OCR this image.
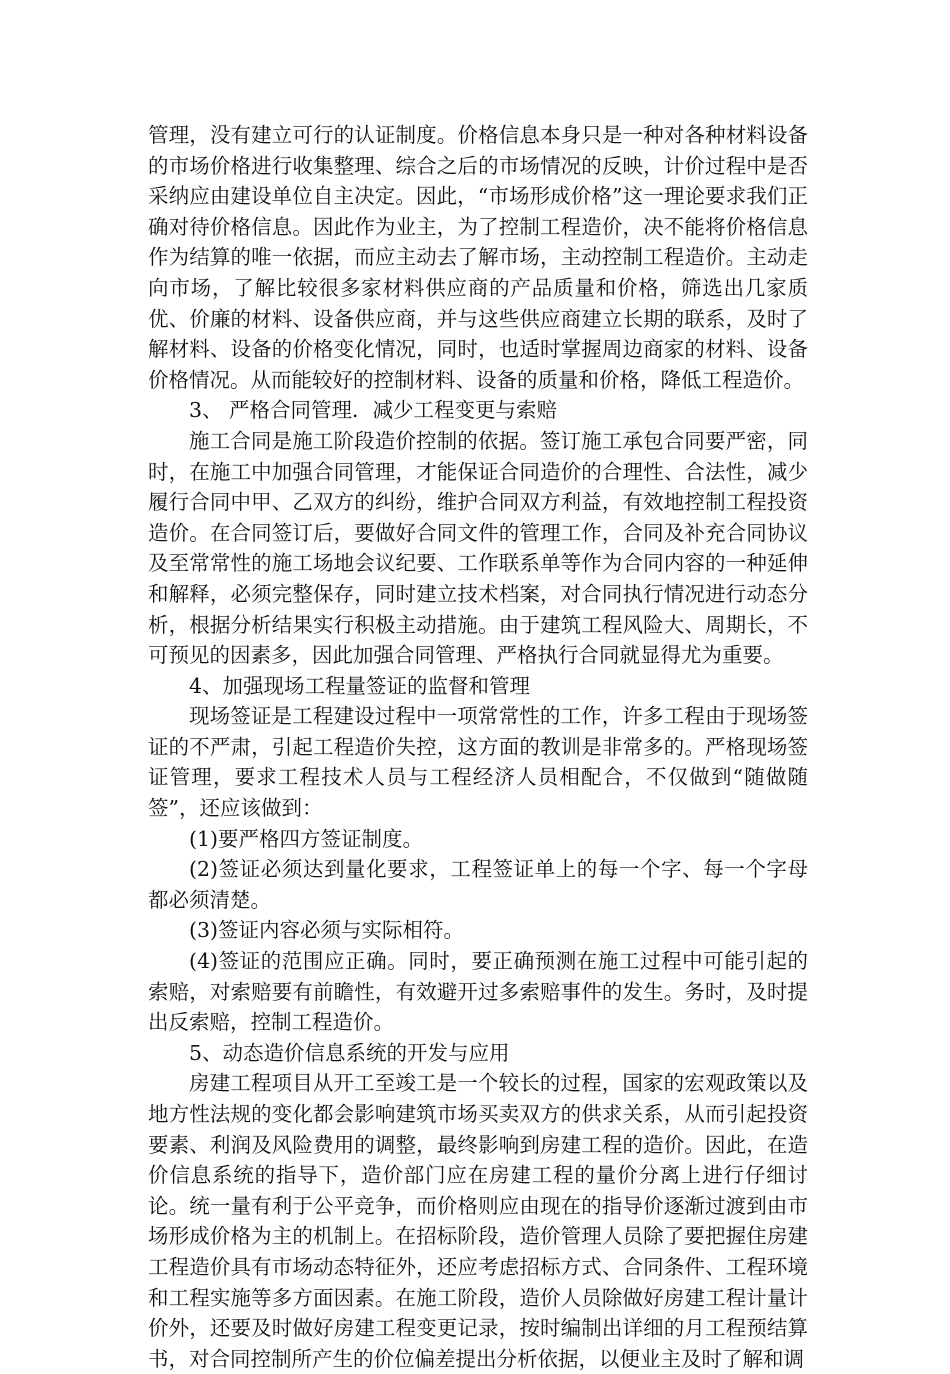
管理，没有建立可行的认证制度。价格信息本身只是一种对各种材料设备的市场价格进行收集整理、综合之后的市场情况的反映，计价过程中是否采纳应由建设单位自主决定。因此，“市场形成价格”这一理论要求我们正确对待价格信息。因此作为业主，为了控制工程造价，决不能将价格信息作为结算的唯一依据，而应主动去了解市场，主动控制工程造价。主动走向市场，了解比较很多家材料供应商的产品质量和价格，筛选出几家质优、价廉的材料、设备供应商，并与这些供应商建立长期的联系，及时了解材料、设备的价格变化情况，同时，也适时掌握周边商家的材料、设备价格情况。从而能较好的控制材料、设备的质量和价格，降低工程造价。

3、 严格合同管理．减少工程变更与索赔

施工合同是施工阶段造价控制的依据。签订施工承包合同要严密，同时，在施工中加强合同管理，才能保证合同造价的合理性、合法性，减少履行合同中甲、乙双方的纠纷，维护合同双方利益，有效地控制工程投资造价。在合同签订后，要做好合同文件的管理工作，合同及补充合同协议及至常常性的施工场地会议纪要、工作联系单等作为合同内容的一种延伸和解释，必须完整保存，同时建立技术档案，对合同执行情况进行动态分析，根据分析结果实行积极主动措施。由于建筑工程风险大、周期长，不可预见的因素多，因此加强合同管理、严格执行合同就显得尤为重要。

4、加强现场工程量签证的监督和管理

现场签证是工程建设过程中一项常常性的工作，许多工程由于现场签证的不严肃，引起工程造价失控，这方面的教训是非常多的。严格现场签证管理，要求工程技术人员与工程经济人员相配合，不仅做到“随做随签”，还应该做到：

(1)要严格四方签证制度。

(2)签证必须达到量化要求，工程签证单上的每一个字、每一个字母都必须清楚。

(3)签证内容必须与实际相符。

(4)签证的范围应正确。同时，要正确预测在施工过程中可能引起的索赔，对索赔要有前瞻性，有效避开过多索赔事件的发生。务时，及时提出反索赔，控制工程造价。

5、动态造价信息系统的开发与应用

房建工程项目从开工至竣工是一个较长的过程，国家的宏观政策以及地方性法规的变化都会影响建筑市场买卖双方的供求关系，从而引起投资要素、利润及风险费用的调整，最终影响到房建工程的造价。因此，在造价信息系统的指导下，造价部门应在房建工程的量价分离上进行仔细讨论。统一量有利于公平竞争，而价格则应由现在的指导价逐渐过渡到由市场形成价格为主的机制上。在招标阶段，造价管理人员除了要把握住房建工程造价具有市场动态特征外，还应考虑招标方式、合同条件、工程环境和工程实施等多方面因素。在施工阶段，造价人员除做好房建工程计量计价外，还要及时做好房建工程变更记录，按时编制出详细的月工程预结算书，对合同控制所产生的价位偏差提出分析依据，以便业主及时了解和调
